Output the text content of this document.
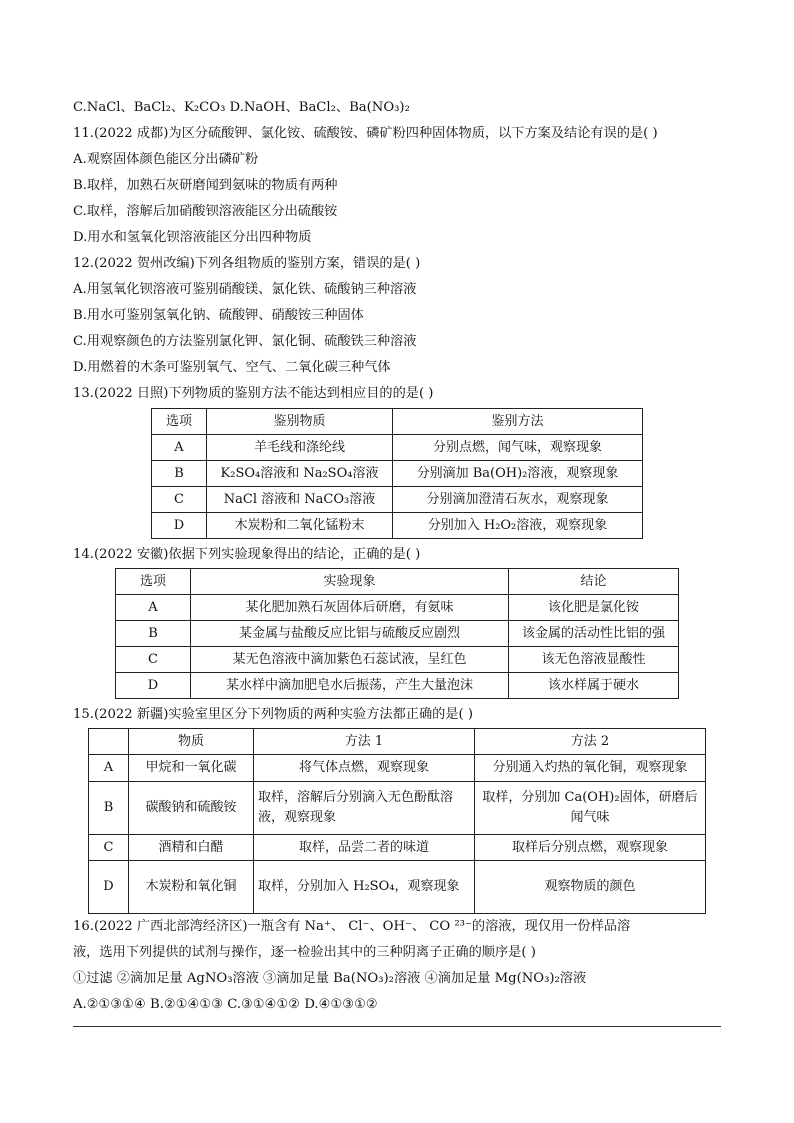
C.NaCl、BaCl₂、K₂CO₃ D.NaOH、BaCl₂、Ba(NO₃)₂
11.(2022 成都)为区分硫酸钾、氯化铵、硫酸铵、磷矿粉四种固体物质，以下方案及结论有误的是( )
A.观察固体颜色能区分出磷矿粉
B.取样，加熟石灰研磨闻到氨味的物质有两种
C.取样，溶解后加硝酸钡溶液能区分出硫酸铵
D.用水和氢氧化钡溶液能区分出四种物质
12.(2022 贺州改编)下列各组物质的鉴别方案，错误的是( )
A.用氢氧化钡溶液可鉴别硝酸镁、氯化铁、硫酸钠三种溶液
B.用水可鉴别氢氧化钠、硫酸钾、硝酸铵三种固体
C.用观察颜色的方法鉴别氯化钾、氯化铜、硫酸铁三种溶液
D.用燃着的木条可鉴别氧气、空气、二氧化碳三种气体
13.(2022 日照)下列物质的鉴别方法不能达到相应目的的是( )
选项	鉴别物质	鉴别方法
A	羊毛线和涤纶线	分别点燃，闻气味，观察现象
B	K₂SO₄溶液和 Na₂SO₄溶液	分别滴加 Ba(OH)₂溶液，观察现象
C	NaCl 溶液和 NaCO₃溶液	分别滴加澄清石灰水，观察现象
D	木炭粉和二氧化锰粉末	分别加入 H₂O₂溶液，观察现象
14.(2022 安徽)依据下列实验现象得出的结论，正确的是( )
选项	实验现象	结论
A	某化肥加熟石灰固体后研磨，有氨味	该化肥是氯化铵
B	某金属与盐酸反应比铝与硫酸反应剧烈	该金属的活动性比铝的强
C	某无色溶液中滴加紫色石蕊试液，呈红色	该无色溶液显酸性
D	某水样中滴加肥皂水后振荡，产生大量泡沫	该水样属于硬水
15.(2022 新疆)实验室里区分下列物质的两种实验方法都正确的是( )
	物质	方法 1	方法 2
A	甲烷和一氧化碳	将气体点燃，观察现象	分别通入灼热的氧化铜，观察现象
B	碳酸钠和硫酸铵	取样，溶解后分别滴入无色酚酞溶液，观察现象	取样，分别加 Ca(OH)₂固体，研磨后闻气味
C	酒精和白醋	取样，品尝二者的味道	取样后分别点燃，观察现象
D	木炭粉和氧化铜	取样，分别加入 H₂SO₄，观察现象	观察物质的颜色
16.(2022 广西北部湾经济区)一瓶含有 Na⁺、 Cl⁻、OH⁻、 CO ²³⁻的溶液，现仅用一份样品溶
液，选用下列提供的试剂与操作，逐一检验出其中的三种阴离子正确的顺序是( )
①过滤 ②滴加足量 AgNO₃溶液 ③滴加足量 Ba(NO₃)₂溶液 ④滴加足量 Mg(NO₃)₂溶液
A.②①③①④ B.②①④①③ C.③①④①② D.④①③①②
